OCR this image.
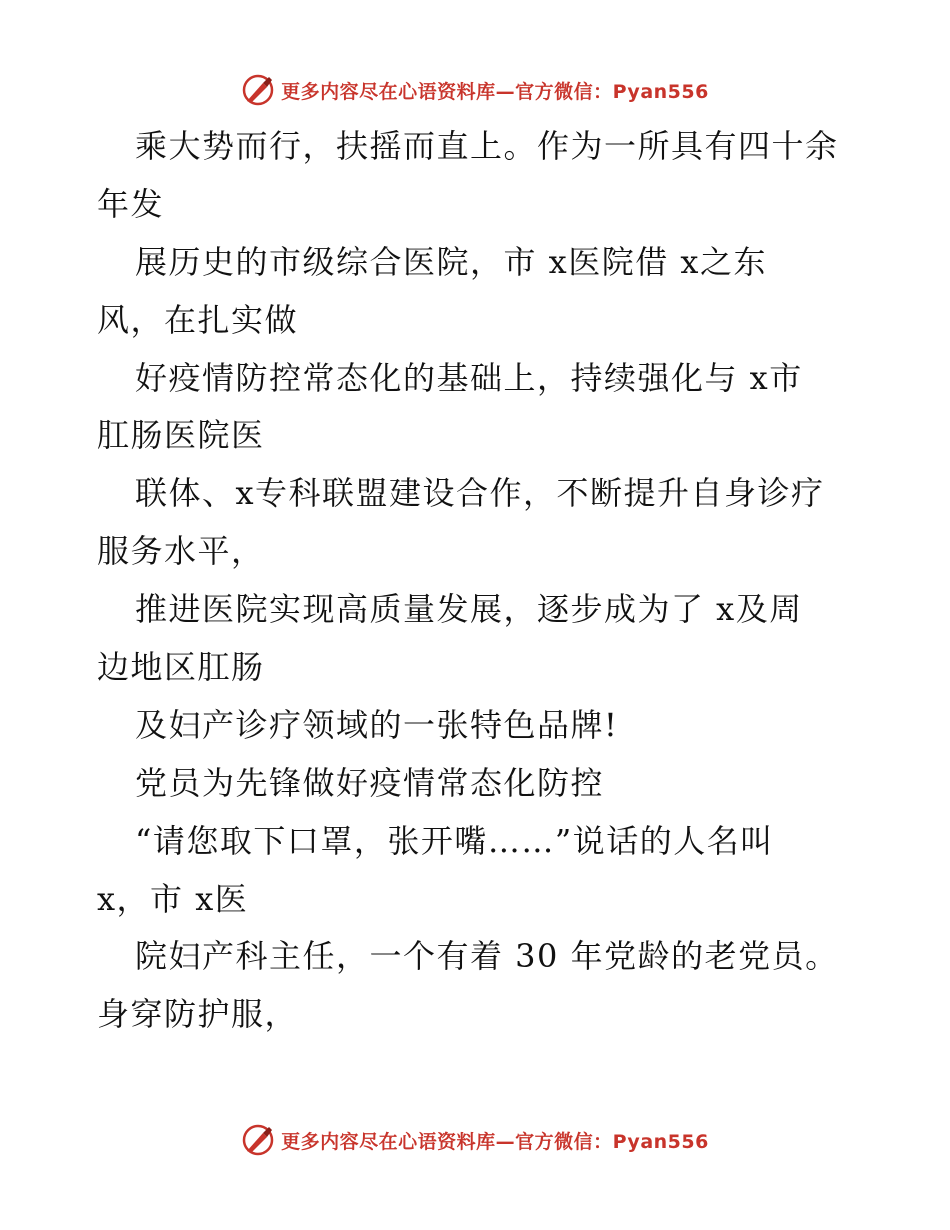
更多内容尽在心语资料库—官方微信：Pyan556
乘大势而行，扶摇而直上。作为一所具有四十余
年发
展历史的市级综合医院，市 x医院借 x之东
风，在扎实做
好疫情防控常态化的基础上，持续强化与 x市
肛肠医院医
联体、x专科联盟建设合作，不断提升自身诊疗
服务水平，
推进医院实现高质量发展，逐步成为了 x及周
边地区肛肠
及妇产诊疗领域的一张特色品牌!
党员为先锋做好疫情常态化防控
“请您取下口罩，张开嘴……”说话的人名叫
x，市 x医
院妇产科主任，一个有着 30 年党龄的老党员。
身穿防护服，
更多内容尽在心语资料库—官方微信：Pyan556
